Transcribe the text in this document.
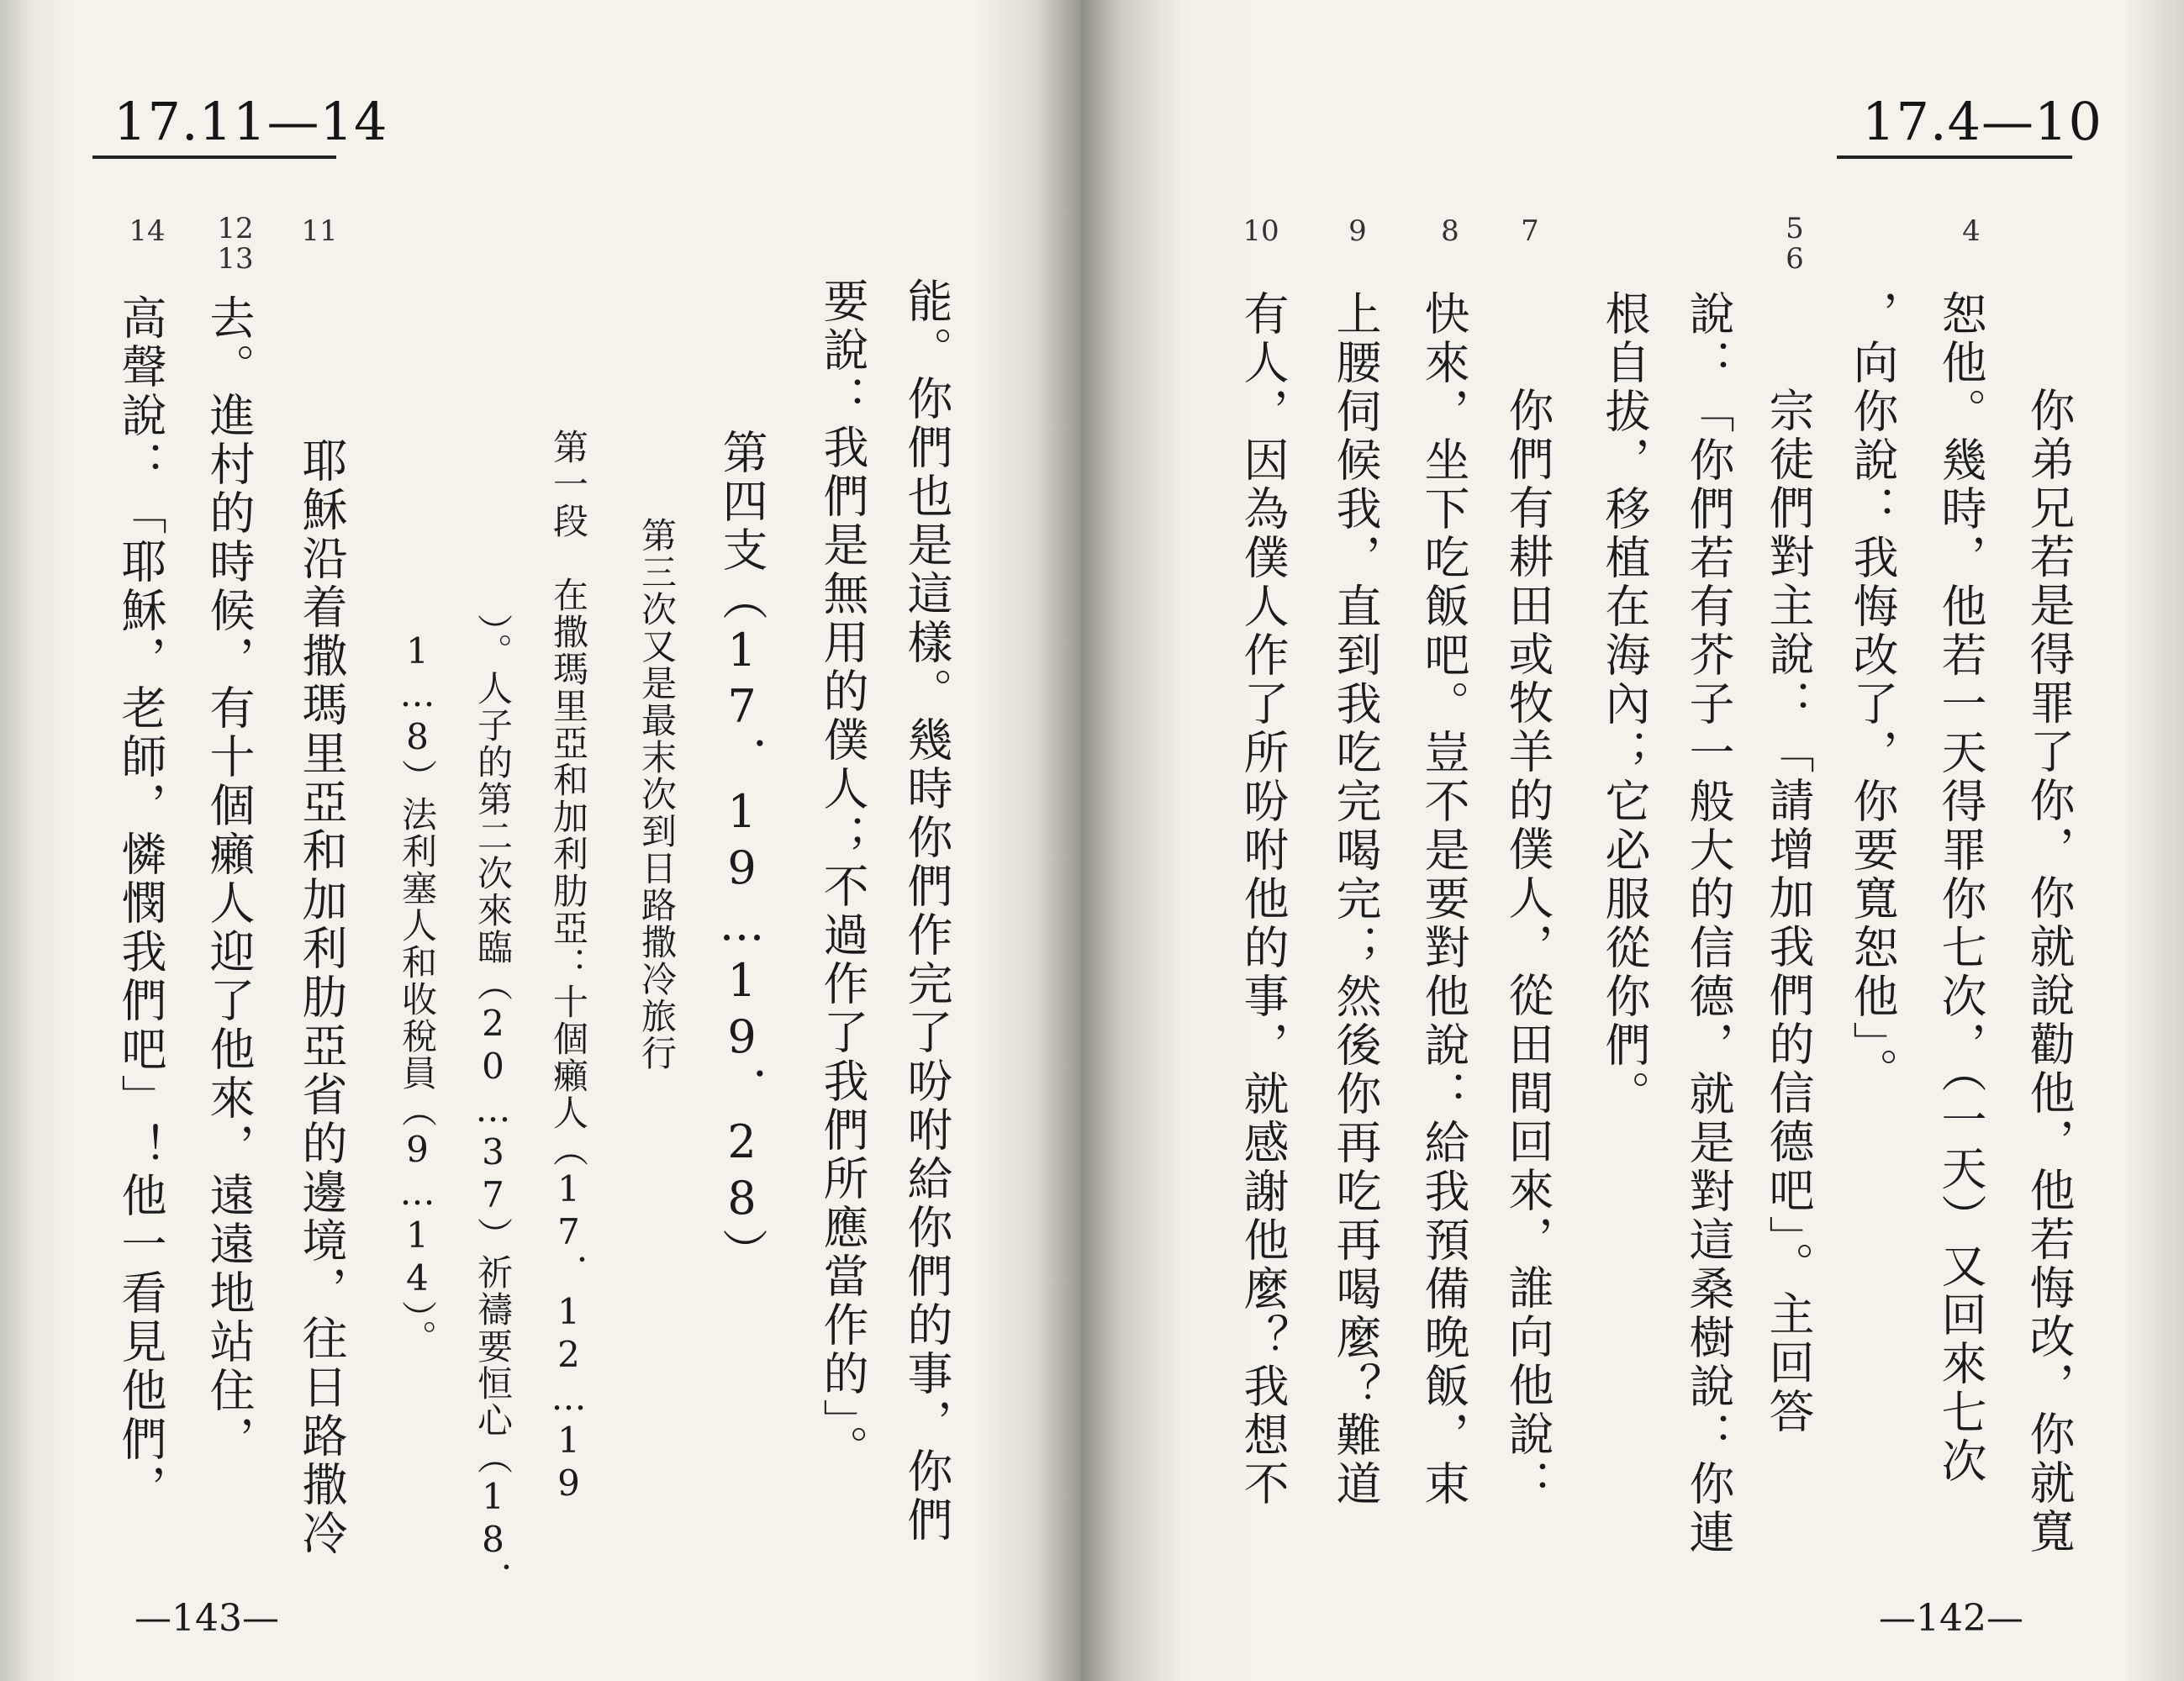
17.11—14
14	12
13
11
能。你們也是這樣。幾時你們作完了吩咐給你們的事，你們
要說：我們是無用的僕人；不過作了我們所應當作的」。
第四支（17．19…19．28）
第三次又是最末次到日路撒冷旅行
第一段　在撒瑪里亞和加利肋亞：十個癩人（17．12…19
）。人子的第二次來臨（20…37）祈禱要恒心（18．
1…8）法利塞人和收稅員（9…14）。
耶穌沿着撒瑪里亞和加利肋亞省的邊境，往日路撒冷
去。進村的時候，有十個癩人迎了他來，遠遠地站住，
高聲說：「耶穌，老師，憐憫我們吧」！他一看見他們，
—143—
17.4—10
4
5
6
7
8
9
10
你弟兄若是得罪了你，你就說勸他，他若悔改，你就寬
恕他。幾時，他若一天得罪你七次，（一天）又回來七次
，向你說：我悔改了，你要寬恕他」。
宗徒們對主說：「請增加我們的信德吧」。主回答
說：「你們若有芥子一般大的信德，就是對這桑樹說：你連
根自拔，移植在海內；它必服從你們。
你們有耕田或牧羊的僕人，從田間回來，誰向他說：
快來，坐下吃飯吧。豈不是要對他說：給我預備晚飯，束
上腰伺候我，直到我吃完喝完；然後你再吃再喝麼？難道
有人，因為僕人作了所吩咐他的事，就感謝他麼？我想不
—142—
